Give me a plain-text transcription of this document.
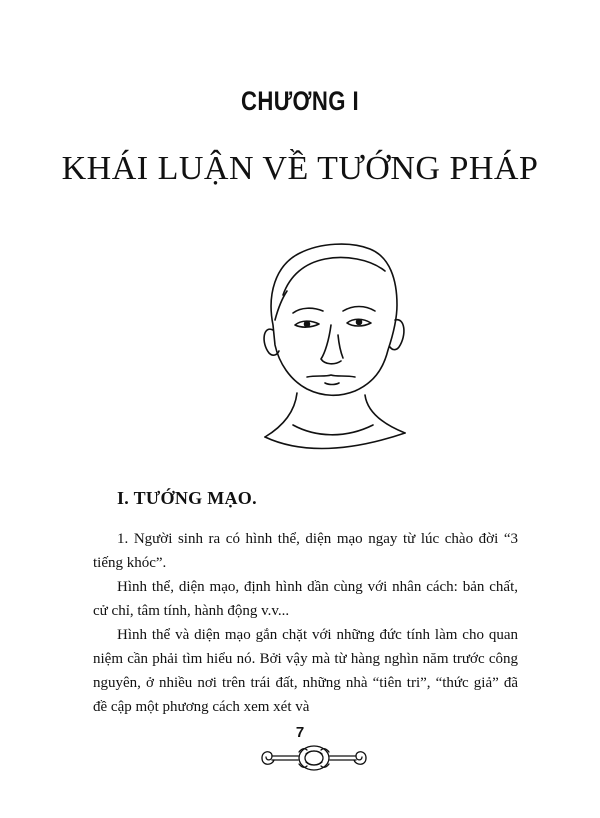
CHƯƠNG I
KHÁI LUẬN VỀ TƯỚNG PHÁP
I. TƯỚNG MẠO.

1. Người sinh ra có hình thể, diện mạo ngay từ lúc chào đời “3 tiếng khóc”.

Hình thể, diện mạo, định hình dần cùng với nhân cách: bản chất, cử chỉ, tâm tính, hành động v.v...

Hình thể và diện mạo gắn chặt với những đức tính làm cho quan niệm cần phải tìm hiểu nó. Bởi vậy mà từ hàng nghìn năm trước công nguyên, ở nhiều nơi trên trái đất, những nhà “tiên tri”, “thức giả” đã đề cập một phương cách xem xét và

7
